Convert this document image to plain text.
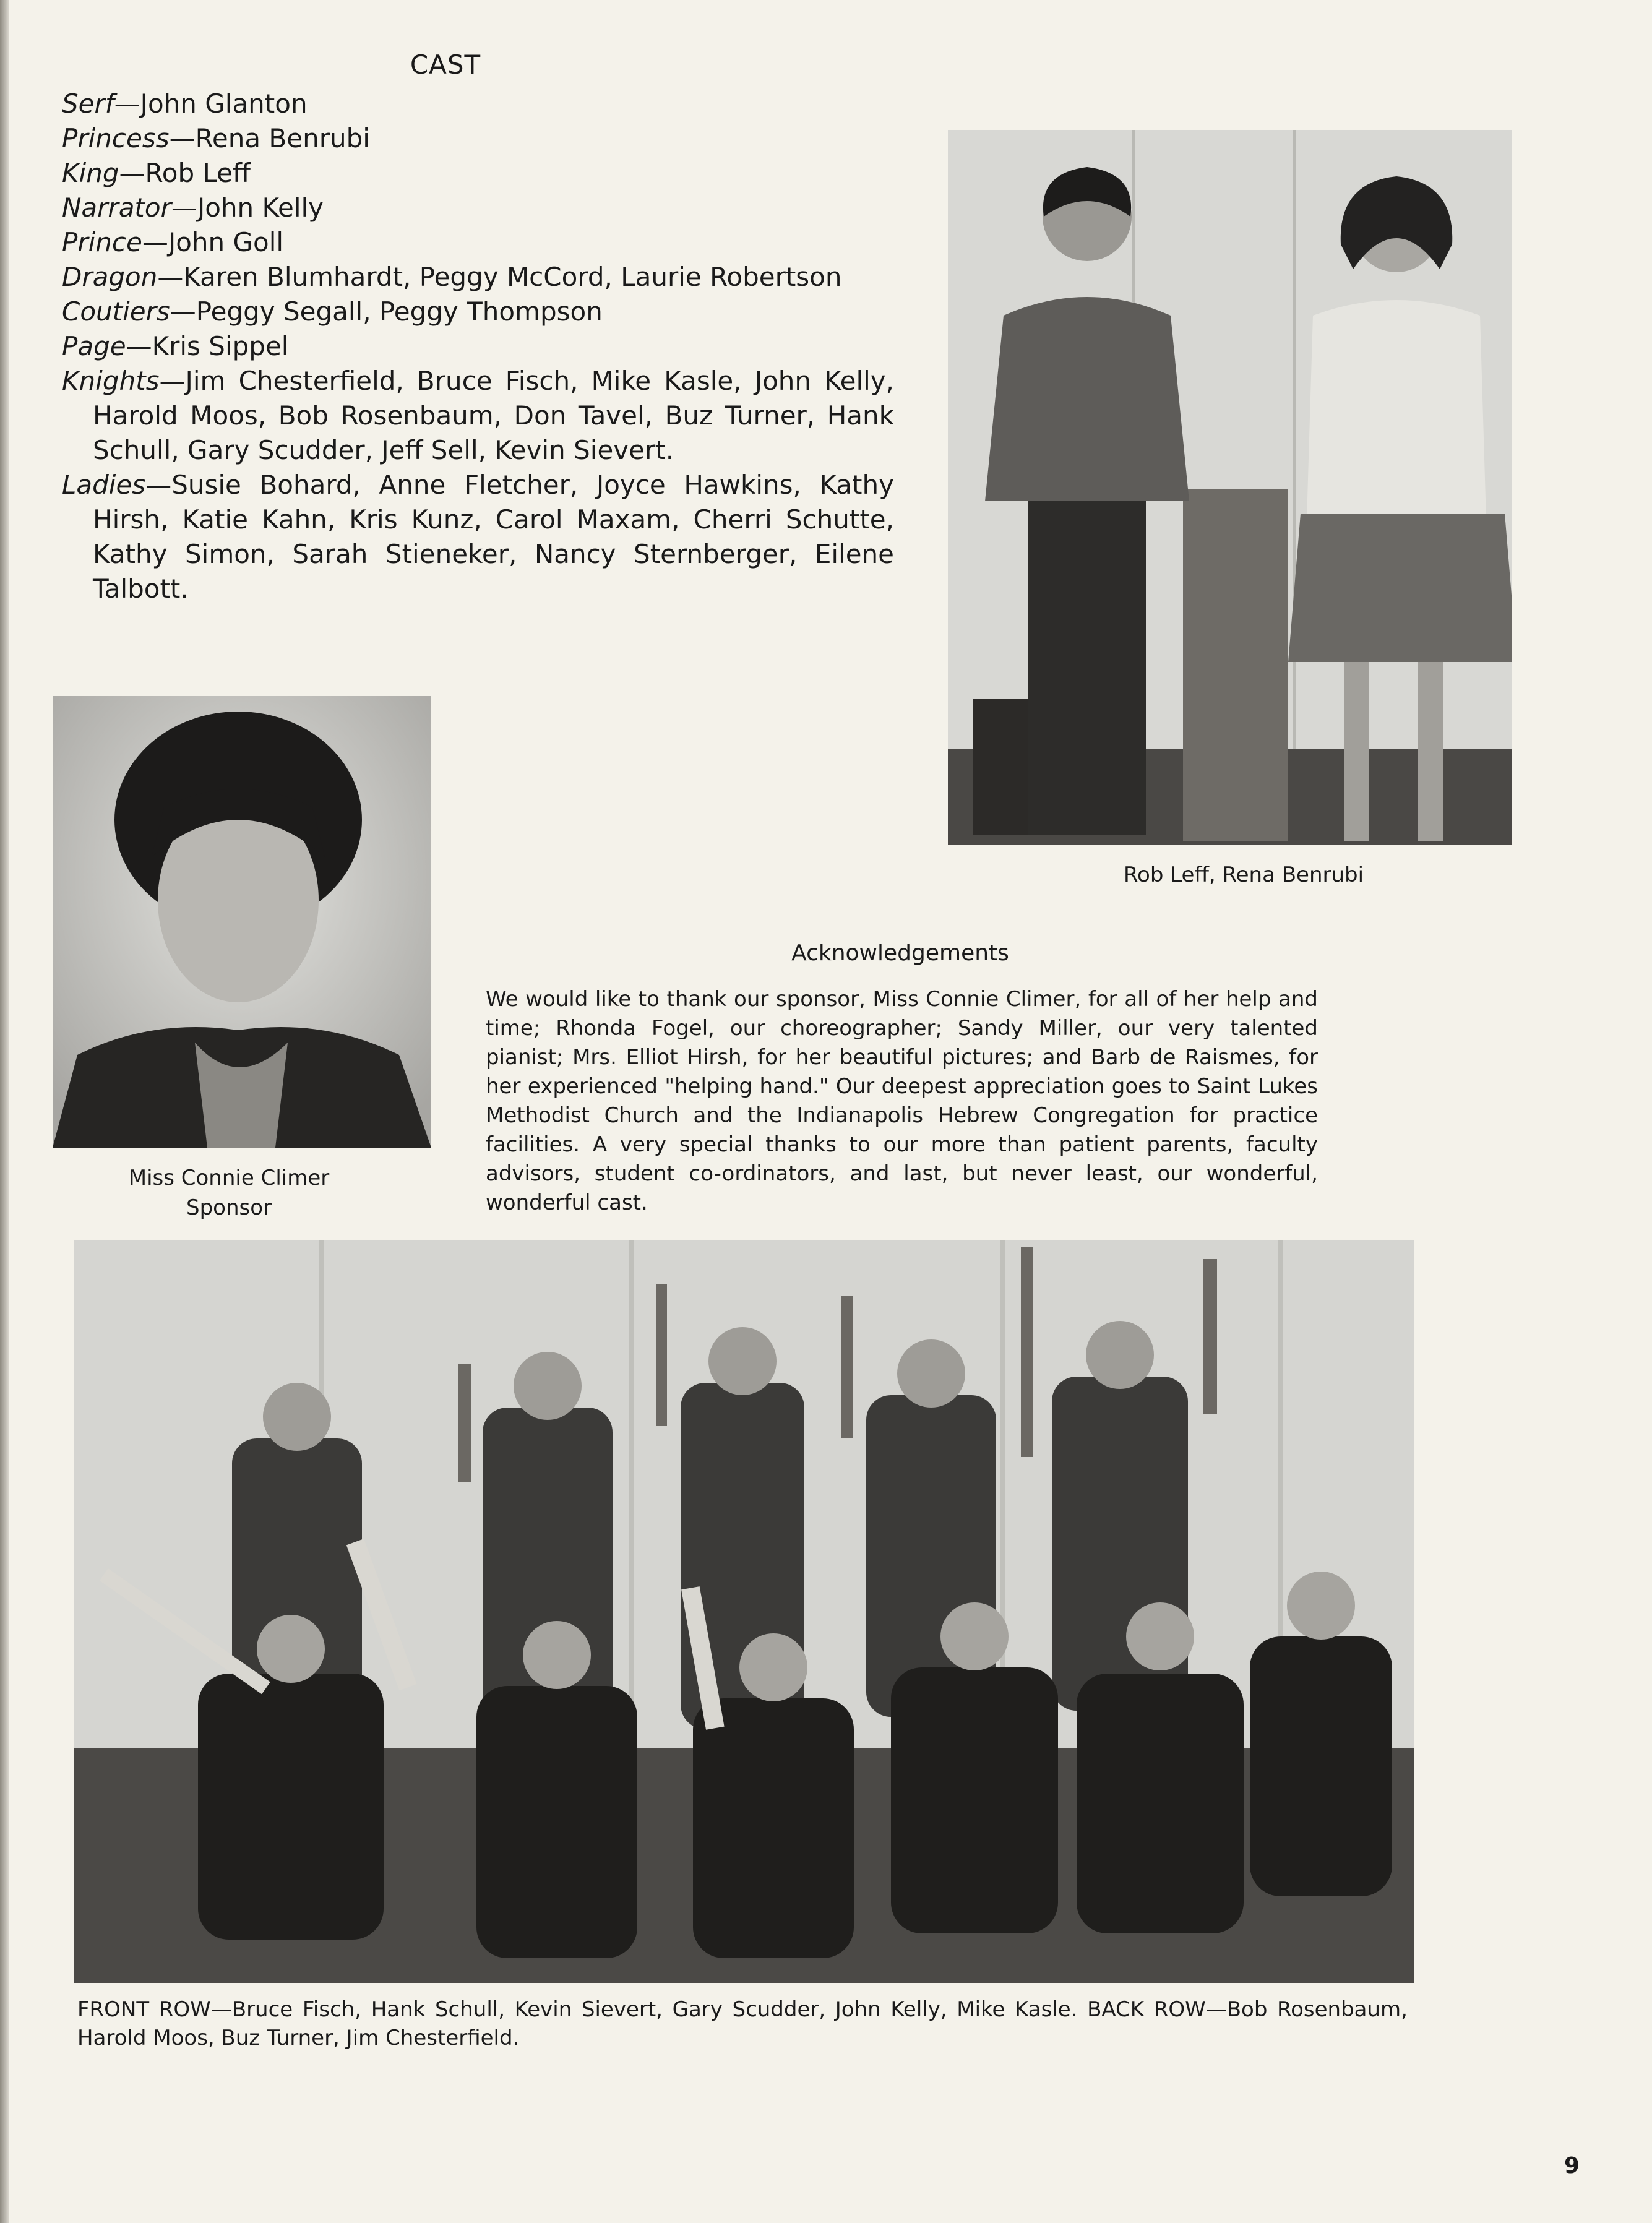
CAST

Serf—John Glanton

Princess—Rena Benrubi

King—Rob Leff

Narrator—John Kelly

Prince—John Goll

Dragon—Karen Blumhardt, Peggy McCord, Laurie Robertson

Coutiers—Peggy Segall, Peggy Thompson

Page—Kris Sippel

Knights—Jim Chesterfield, Bruce Fisch, Mike Kasle, John Kelly, Harold Moos, Bob Rosenbaum, Don Tavel, Buz Turner, Hank Schull, Gary Scudder, Jeff Sell, Kevin Sievert.

Ladies—Susie Bohard, Anne Fletcher, Joyce Hawkins, Kathy Hirsh, Katie Kahn, Kris Kunz, Carol Maxam, Cherri Schutte, Kathy Simon, Sarah Stieneker, Nancy Sternberger, Eilene Talbott.

Rob Leff, Rena Benrubi
Miss Connie Climer
Sponsor
Acknowledgements
We would like to thank our sponsor, Miss Connie Climer, for all of her help and time; Rhonda Fogel, our choreographer; Sandy Miller, our very talented pianist; Mrs. Elliot Hirsh, for her beautiful pictures; and Barb de Raismes, for her experienced "helping hand." Our deepest appreciation goes to Saint Lukes Methodist Church and the Indianapolis Hebrew Congregation for practice facilities. A very special thanks to our more than patient parents, faculty advisors, student co-ordinators, and last, but never least, our wonderful, wonderful cast.
FRONT ROW—Bruce Fisch, Hank Schull, Kevin Sievert, Gary Scudder, John Kelly, Mike Kasle. BACK ROW—Bob Rosenbaum, Harold Moos, Buz Turner, Jim Chesterfield.
9
